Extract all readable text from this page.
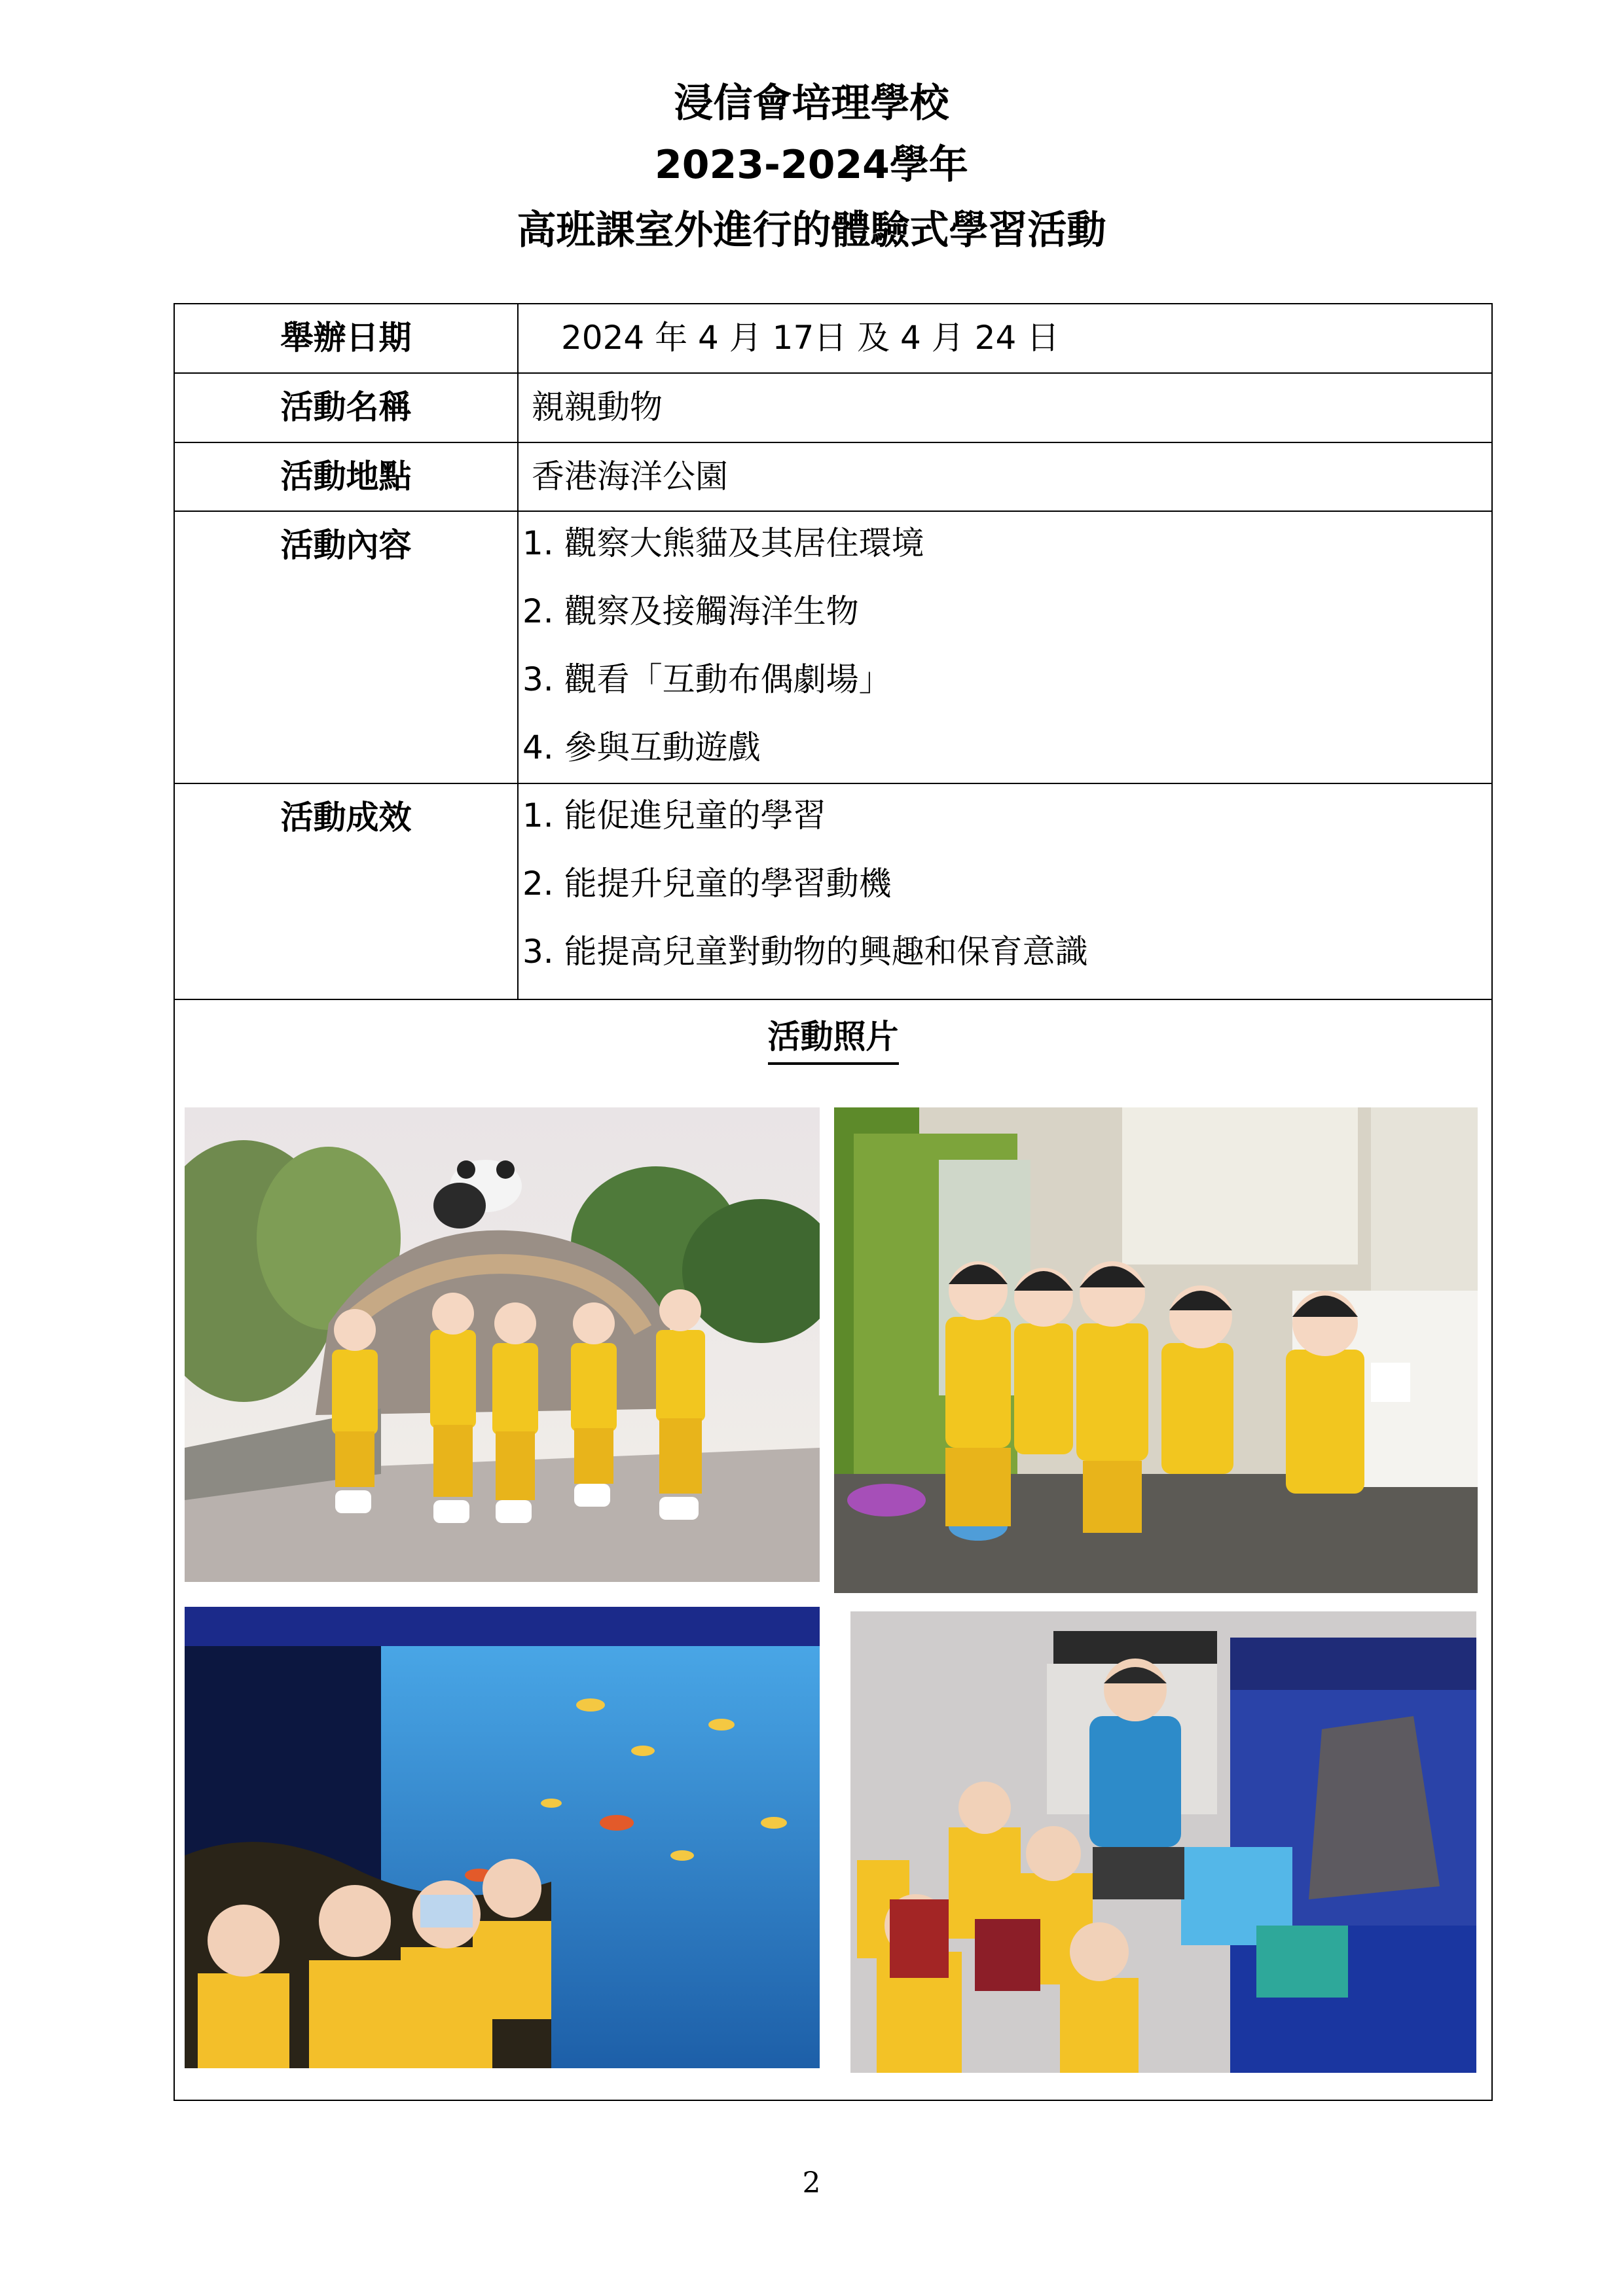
浸信會培理學校
2023-2024學年
高班課室外進行的體驗式學習活動
舉辦日期	2024 年 4 月 17日 及 4 月 24 日
活動名稱	親親動物
活動地點	香港海洋公園
活動內容	1. 觀察大熊貓及其居住環境
2. 觀察及接觸海洋生物
3. 觀看「互動布偶劇場」
4. 參與互動遊戲
活動成效	1. 能促進兒童的學習
2. 能提升兒童的學習動機
3. 能提高兒童對動物的興趣和保育意識
活動照片
2
